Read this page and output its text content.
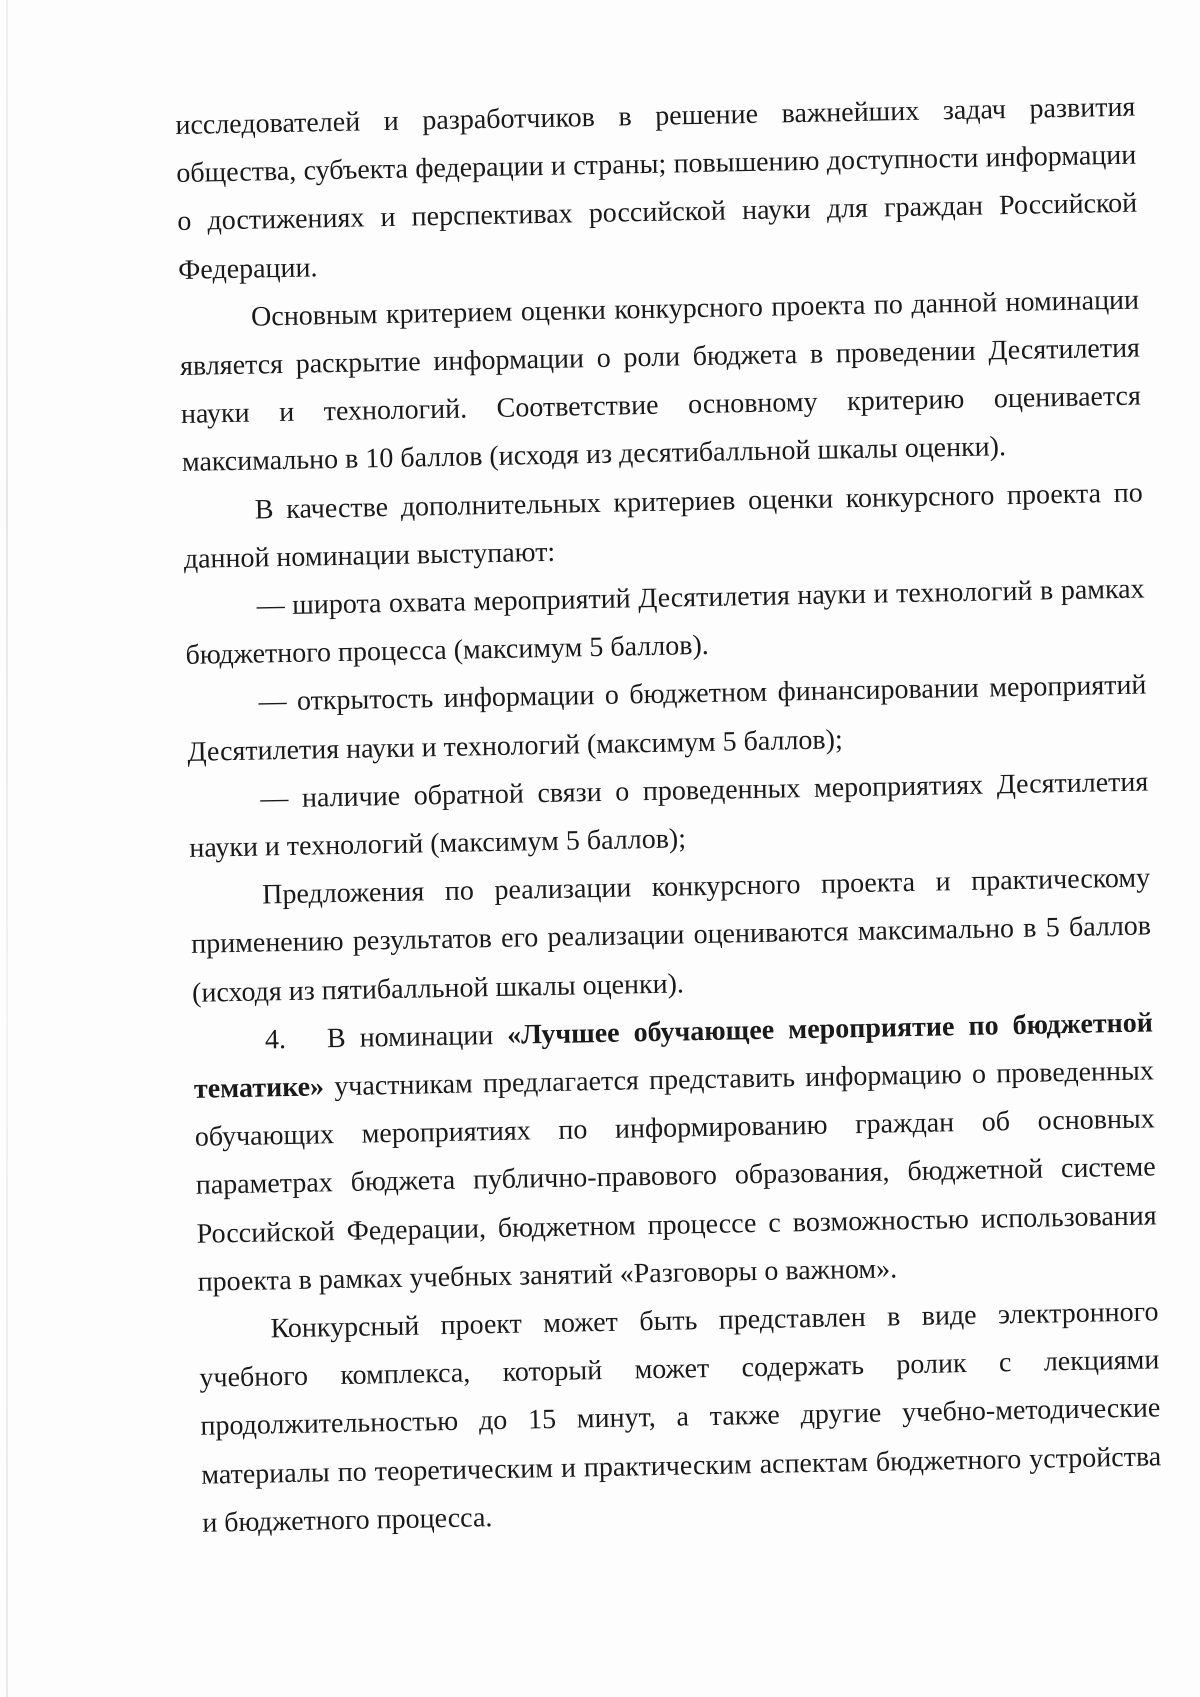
исследователей и разработчиков в решение важнейших задач развития общества, субъекта федерации и страны; повышению доступности информации о достижениях и перспективах российской науки для граждан Российской Федерации.

Основным критерием оценки конкурсного проекта по данной номинации является раскрытие информации о роли бюджета в проведении Десятилетия науки и технологий. Соответствие основному критерию оценивается максимально в 10 баллов (исходя из десятибалльной шкалы оценки).

В качестве дополнительных критериев оценки конкурсного проекта по данной номинации выступают:

— широта охвата мероприятий Десятилетия науки и технологий в рамках бюджетного процесса (максимум 5 баллов).

— открытость информации о бюджетном финансировании мероприятий Десятилетия науки и технологий (максимум 5 баллов);

— наличие обратной связи о проведенных мероприятиях Десятилетия науки и технологий (максимум 5 баллов);

Предложения по реализации конкурсного проекта и практическому применению результатов его реализации оцениваются максимально в 5 баллов (исходя из пятибалльной шкалы оценки).

4. В номинации «Лучшее обучающее мероприятие по бюджетной тематике» участникам предлагается представить информацию о проведенных обучающих мероприятиях по информированию граждан об основных параметрах бюджета публично-правового образования, бюджетной системе Российской Федерации, бюджетном процессе с возможностью использования проекта в рамках учебных занятий «Разговоры о важном».

Конкурсный проект может быть представлен в виде электронного учебного комплекса, который может содержать ролик с лекциями продолжительностью до 15 минут, а также другие учебно-методические материалы по теоретическим и практическим аспектам бюджетного устройства и бюджетного процесса.
